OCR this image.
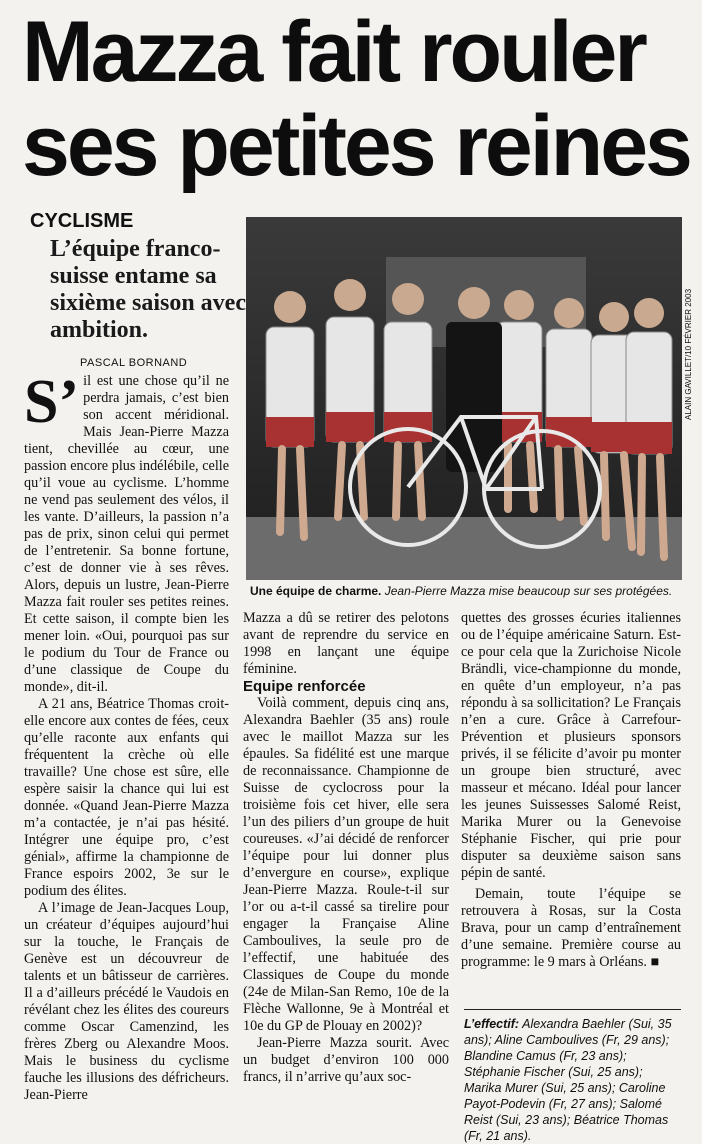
Mazza fait rouler
ses petites reines
CYCLISME
L’équipe franco-suisse entame sa sixième saison avec ambition.
PASCAL BORNAND	ALAIN GAVILLET/10 FÉVRIER 2003
Une équipe de charme. Jean-Pierre Mazza mise beaucoup sur ses protégées.

S’ il est une chose qu’il ne perdra jamais, c’est bien son accent méridional. Mais Jean-Pierre Mazza tient, chevillée au cœur, une passion encore plus indélébile, celle qu’il voue au cyclisme. L’homme ne vend pas seulement des vélos, il les vante. D’ailleurs, la passion n’a pas de prix, sinon celui qui permet de l’entretenir. Sa bonne fortune, c’est de donner vie à ses rêves. Alors, depuis un lustre, Jean-Pierre Mazza fait rouler ses petites reines. Et cette saison, il compte bien les mener loin. «Oui, pourquoi pas sur le podium du Tour de France ou d’une classique de Coupe du monde», dit-il.

A 21 ans, Béatrice Thomas croit-elle encore aux contes de fées, ceux qu’elle raconte aux enfants qui fréquentent la crèche où elle travaille? Une chose est sûre, elle espère saisir la chance qui lui est donnée. «Quand Jean-Pierre Mazza m’a contactée, je n’ai pas hésité. Intégrer une équipe pro, c’est génial», affirme la championne de France espoirs 2002, 3e sur le podium des élites.

A l’image de Jean-Jacques Loup, un créateur d’équipes aujourd’hui sur la touche, le Français de Genève est un découvreur de talents et un bâtisseur de carrières. Il a d’ailleurs précédé le Vaudois en révélant chez les élites des coureurs comme Oscar Camenzind, les frères Zberg ou Alexandre Moos. Mais le business du cyclisme fauche les illusions des défricheurs. Jean-Pierre

Mazza a dû se retirer des pelotons avant de reprendre du service en 1998 en lançant une équipe féminine.

Equipe renforcée

Voilà comment, depuis cinq ans, Alexandra Baehler (35 ans) roule avec le maillot Mazza sur les épaules. Sa fidélité est une marque de reconnaissance. Championne de Suisse de cyclocross pour la troisième fois cet hiver, elle sera l’un des piliers d’un groupe de huit coureuses. «J’ai décidé de renforcer l’équipe pour lui donner plus d’envergure en course», explique Jean-Pierre Mazza. Roule-t-il sur l’or ou a-t-il cassé sa tirelire pour engager la Française Aline Camboulives, la seule pro de l’effectif, une habituée des Classiques de Coupe du monde (24e de Milan-San Remo, 10e de la Flèche Wallonne, 9e à Montréal et 10e du GP de Plouay en 2002)?

Jean-Pierre Mazza sourit. Avec un budget d’environ 100 000 francs, il n’arrive qu’aux soc-

quettes des grosses écuries italiennes ou de l’équipe américaine Saturn. Est-ce pour cela que la Zurichoise Nicole Brändli, vice-championne du monde, en quête d’un employeur, n’a pas répondu à sa sollicitation? Le Français n’en a cure. Grâce à Carrefour-Prévention et plusieurs sponsors privés, il se félicite d’avoir pu monter un groupe bien structuré, avec masseur et mécano. Idéal pour lancer les jeunes Suissesses Salomé Reist, Marika Murer ou la Genevoise Stéphanie Fischer, qui prie pour disputer sa deuxième saison sans pépin de santé.

Demain, toute l’équipe se retrouvera à Rosas, sur la Costa Brava, pour un camp d’entraînement d’une semaine. Première course au programme: le 9 mars à Orléans. ■

L’effectif: Alexandra Baehler (Sui, 35 ans); Aline Camboulives (Fr, 29 ans); Blandine Camus (Fr, 23 ans); Stéphanie Fischer (Sui, 25 ans); Marika Murer (Sui, 25 ans); Caroline Payot-Podevin (Fr, 27 ans); Salomé Reist (Sui, 23 ans); Béatrice Thomas (Fr, 21 ans).
